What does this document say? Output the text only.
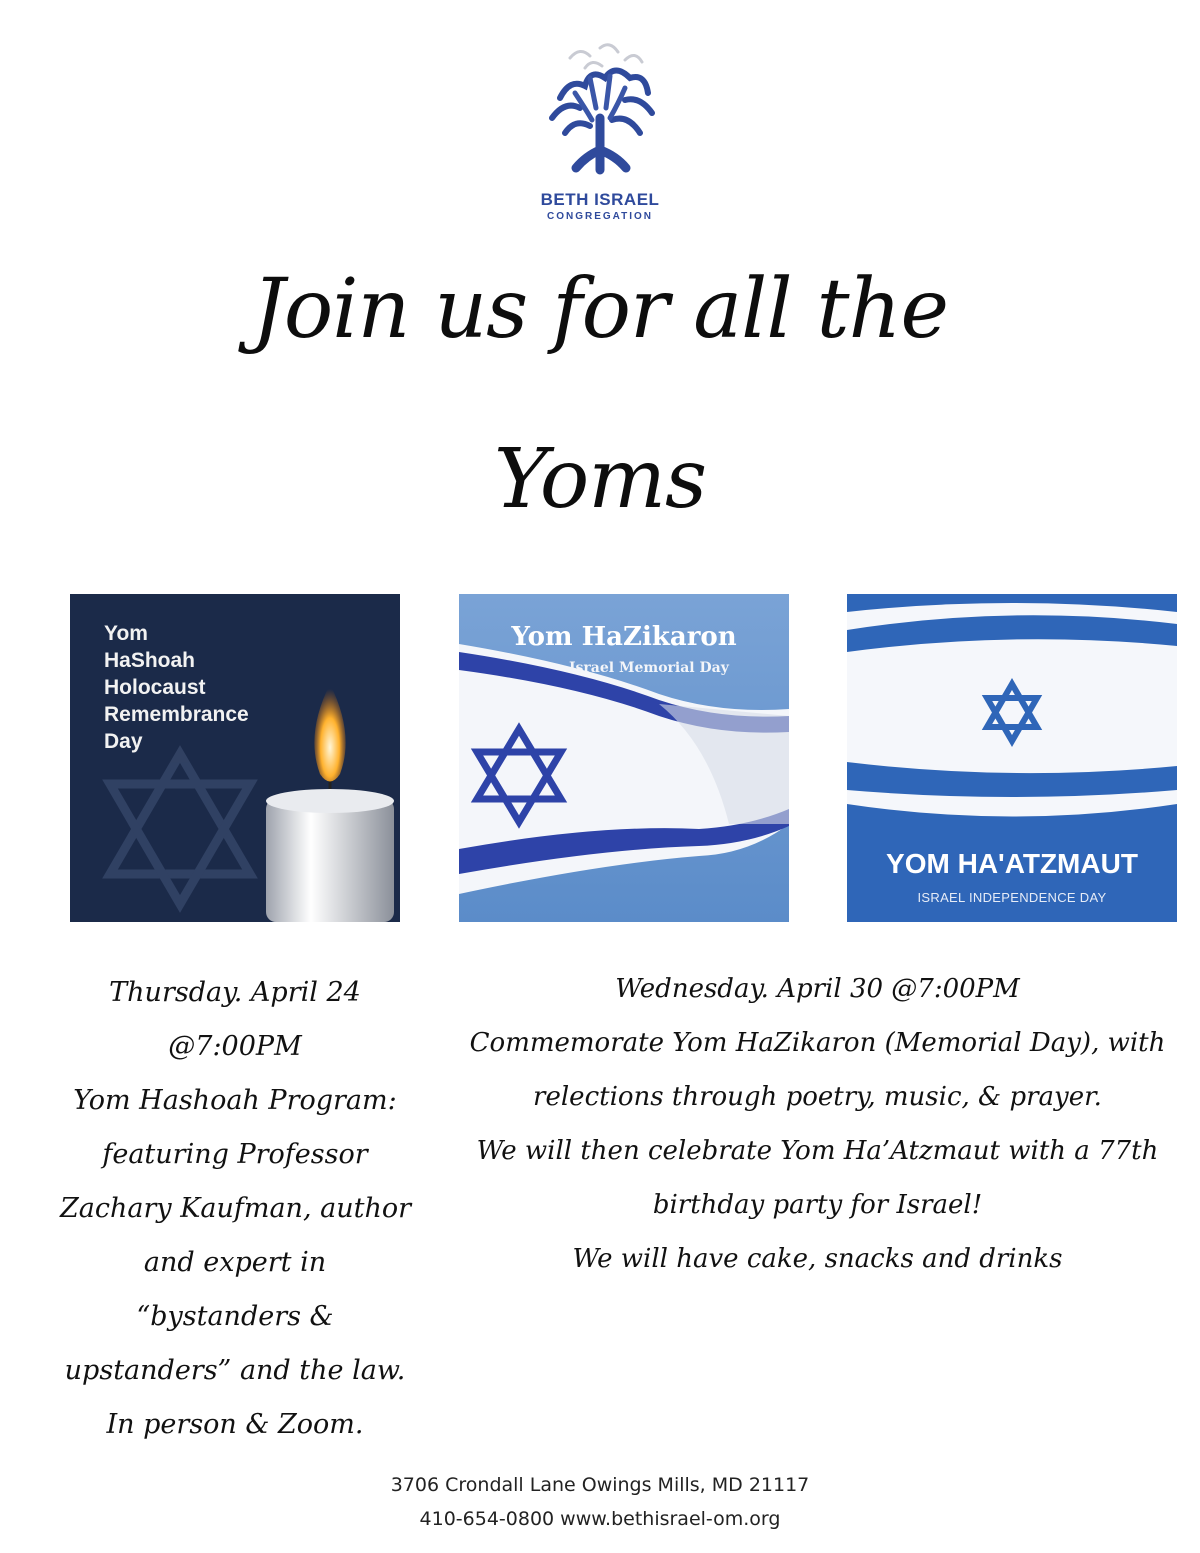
BETH ISRAEL
CONGREGATION
Join us for all the
Yoms
Yom
HaShoah
Holocaust
Remembrance
Day
Yom HaZikaron
Israel Memorial Day
YOM HA'ATZMAUT
ISRAEL INDEPENDENCE DAY
Thursday. April 24
@7:00PM
Yom Hashoah Program:
featuring Professor
Zachary Kaufman, author
and expert in
“bystanders &
upstanders” and the law.
In person & Zoom.
Wednesday. April 30 @7:00PM
Commemorate Yom HaZikaron (Memorial Day), with
relections through poetry, music, & prayer.
We will then celebrate Yom Ha’Atzmaut with a 77th
birthday party for Israel!
We will have cake, snacks and drinks
3706 Crondall Lane Owings Mills, MD 21117
410-654-0800 www.bethisrael-om.org
